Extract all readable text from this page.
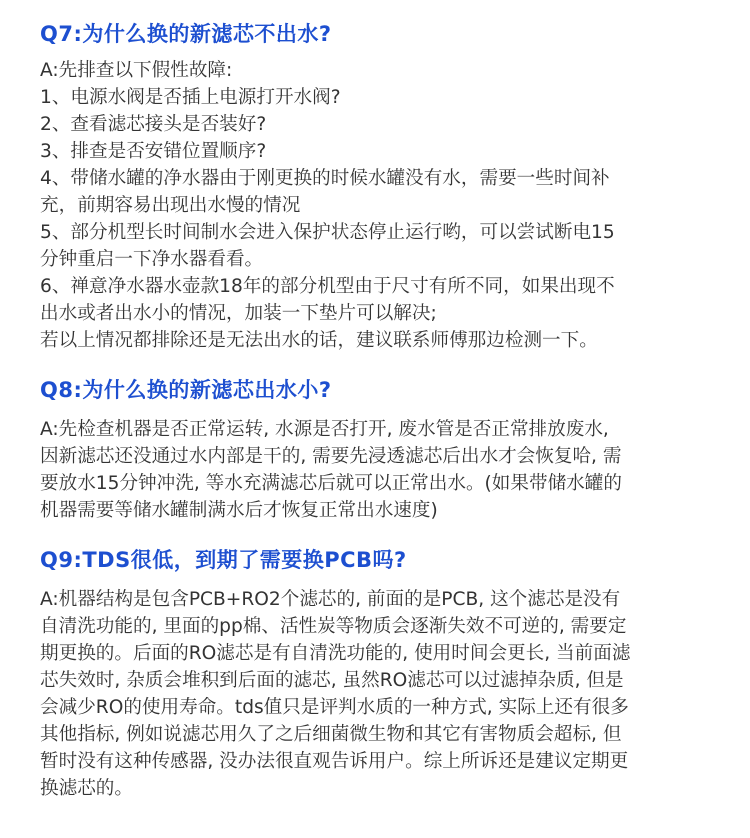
Q7:为什么换的新滤芯不出水?
A:先排查以下假性故障:
1、电源水阀是否插上电源打开水阀?
2、查看滤芯接头是否装好?
3、排查是否安错位置顺序?
4、带储水罐的净水器由于刚更换的时候水罐没有水，需要一些时间补
充，前期容易出现出水慢的情况
5、部分机型长时间制水会进入保护状态停止运行哟，可以尝试断电15
分钟重启一下净水器看看。
6、禅意净水器水壶款18年的部分机型由于尺寸有所不同，如果出现不
出水或者出水小的情况，加装一下垫片可以解决;
若以上情况都排除还是无法出水的话，建议联系师傅那边检测一下。
Q8:为什么换的新滤芯出水小?
A:先检查机器是否正常运转, 水源是否打开, 废水管是否正常排放废水,
因新滤芯还没通过水内部是干的, 需要先浸透滤芯后出水才会恢复哈, 需
要放水15分钟冲洗, 等水充满滤芯后就可以正常出水。(如果带储水罐的
机器需要等储水罐制满水后才恢复正常出水速度)
Q9:TDS很低，到期了需要换PCB吗?
A:机器结构是包含PCB+RO2个滤芯的, 前面的是PCB, 这个滤芯是没有
自清洗功能的, 里面的pp棉、活性炭等物质会逐渐失效不可逆的, 需要定
期更换的。后面的RO滤芯是有自清洗功能的, 使用时间会更长, 当前面滤
芯失效时, 杂质会堆积到后面的滤芯, 虽然RO滤芯可以过滤掉杂质, 但是
会减少RO的使用寿命。tds值只是评判水质的一种方式, 实际上还有很多
其他指标, 例如说滤芯用久了之后细菌微生物和其它有害物质会超标, 但
暂时没有这种传感器, 没办法很直观告诉用户。综上所诉还是建议定期更
换滤芯的。
